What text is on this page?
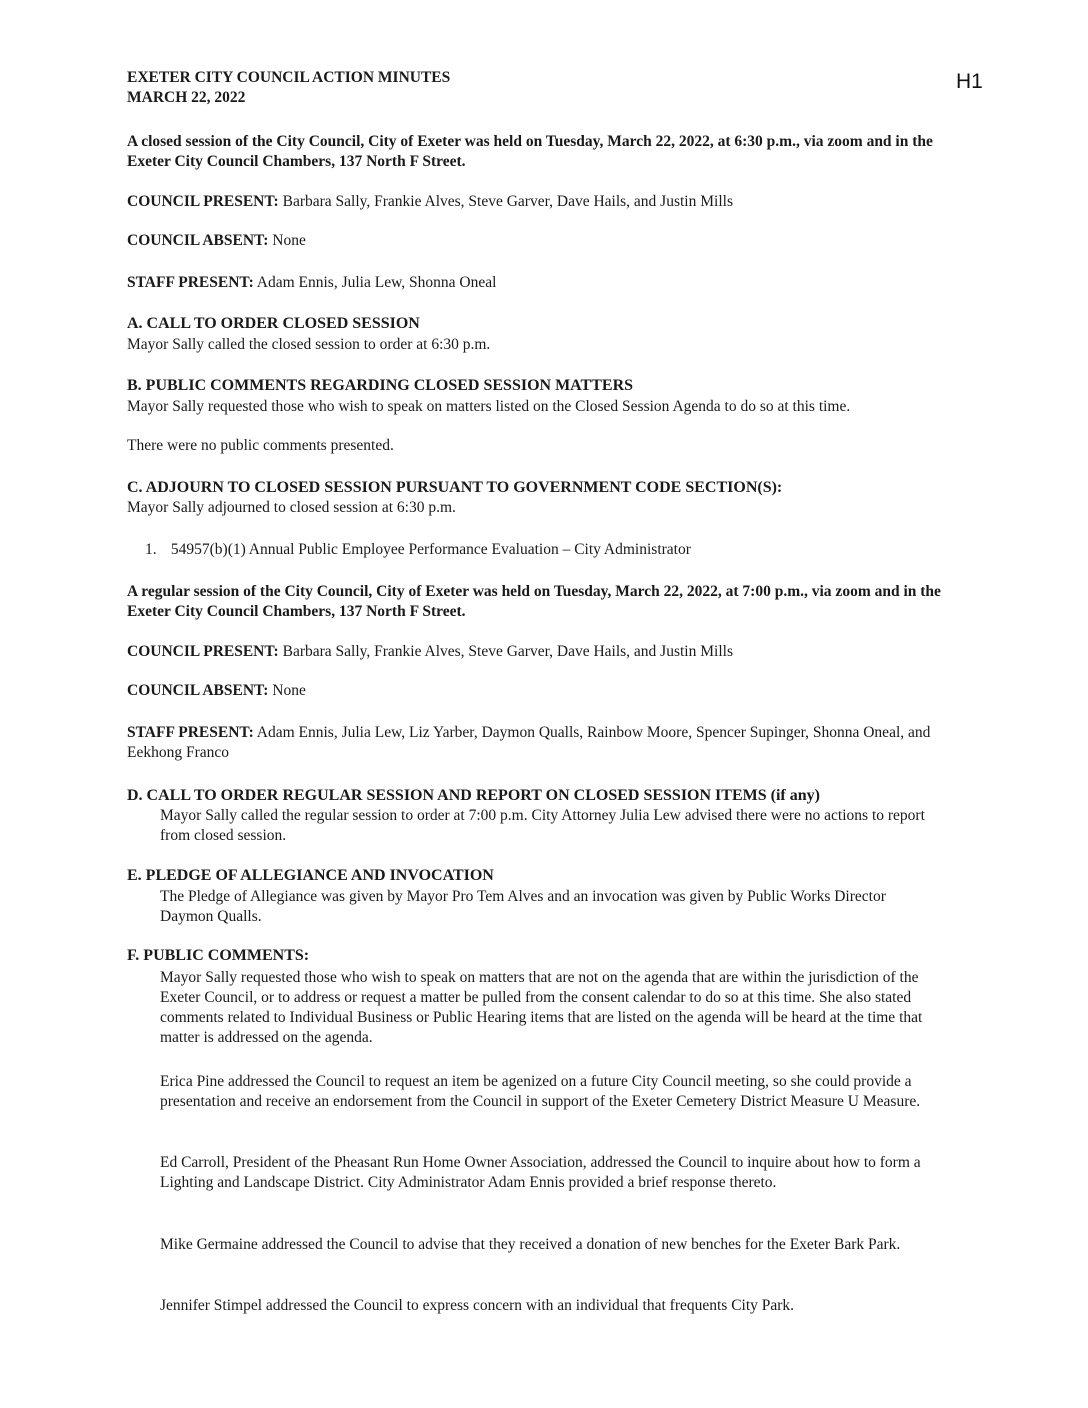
EXETER CITY COUNCIL ACTION MINUTES
MARCH 22, 2022
H1

A closed session of the City Council, City of Exeter was held on Tuesday, March 22, 2022, at 6:30 p.m., via zoom and in the Exeter City Council Chambers, 137 North F Street.

COUNCIL PRESENT: Barbara Sally, Frankie Alves, Steve Garver, Dave Hails, and Justin Mills
COUNCIL ABSENT: None
STAFF PRESENT: Adam Ennis, Julia Lew, Shonna Oneal
A. CALL TO ORDER CLOSED SESSION
Mayor Sally called the closed session to order at 6:30 p.m.
B. PUBLIC COMMENTS REGARDING CLOSED SESSION MATTERS
Mayor Sally requested those who wish to speak on matters listed on the Closed Session Agenda to do so at this time.
There were no public comments presented.
C. ADJOURN TO CLOSED SESSION PURSUANT TO GOVERNMENT CODE SECTION(S):
Mayor Sally adjourned to closed session at 6:30 p.m.
1. 54957(b)(1) Annual Public Employee Performance Evaluation – City Administrator

A regular session of the City Council, City of Exeter was held on Tuesday, March 22, 2022, at 7:00 p.m., via zoom and in the Exeter City Council Chambers, 137 North F Street.

COUNCIL PRESENT: Barbara Sally, Frankie Alves, Steve Garver, Dave Hails, and Justin Mills
COUNCIL ABSENT: None

STAFF PRESENT: Adam Ennis, Julia Lew, Liz Yarber, Daymon Qualls, Rainbow Moore, Spencer Supinger, Shonna Oneal, and Eekhong Franco

D. CALL TO ORDER REGULAR SESSION AND REPORT ON CLOSED SESSION ITEMS (if any)

Mayor Sally called the regular session to order at 7:00 p.m. City Attorney Julia Lew advised there were no actions to report from closed session.

E. PLEDGE OF ALLEGIANCE AND INVOCATION

The Pledge of Allegiance was given by Mayor Pro Tem Alves and an invocation was given by Public Works Director Daymon Qualls.

F. PUBLIC COMMENTS:

Mayor Sally requested those who wish to speak on matters that are not on the agenda that are within the jurisdiction of the Exeter Council, or to address or request a matter be pulled from the consent calendar to do so at this time. She also stated comments related to Individual Business or Public Hearing items that are listed on the agenda will be heard at the time that matter is addressed on the agenda.

Erica Pine addressed the Council to request an item be agenized on a future City Council meeting, so she could provide a presentation and receive an endorsement from the Council in support of the Exeter Cemetery District Measure U Measure.

Ed Carroll, President of the Pheasant Run Home Owner Association, addressed the Council to inquire about how to form a Lighting and Landscape District. City Administrator Adam Ennis provided a brief response thereto.

Mike Germaine addressed the Council to advise that they received a donation of new benches for the Exeter Bark Park.

Jennifer Stimpel addressed the Council to express concern with an individual that frequents City Park.
